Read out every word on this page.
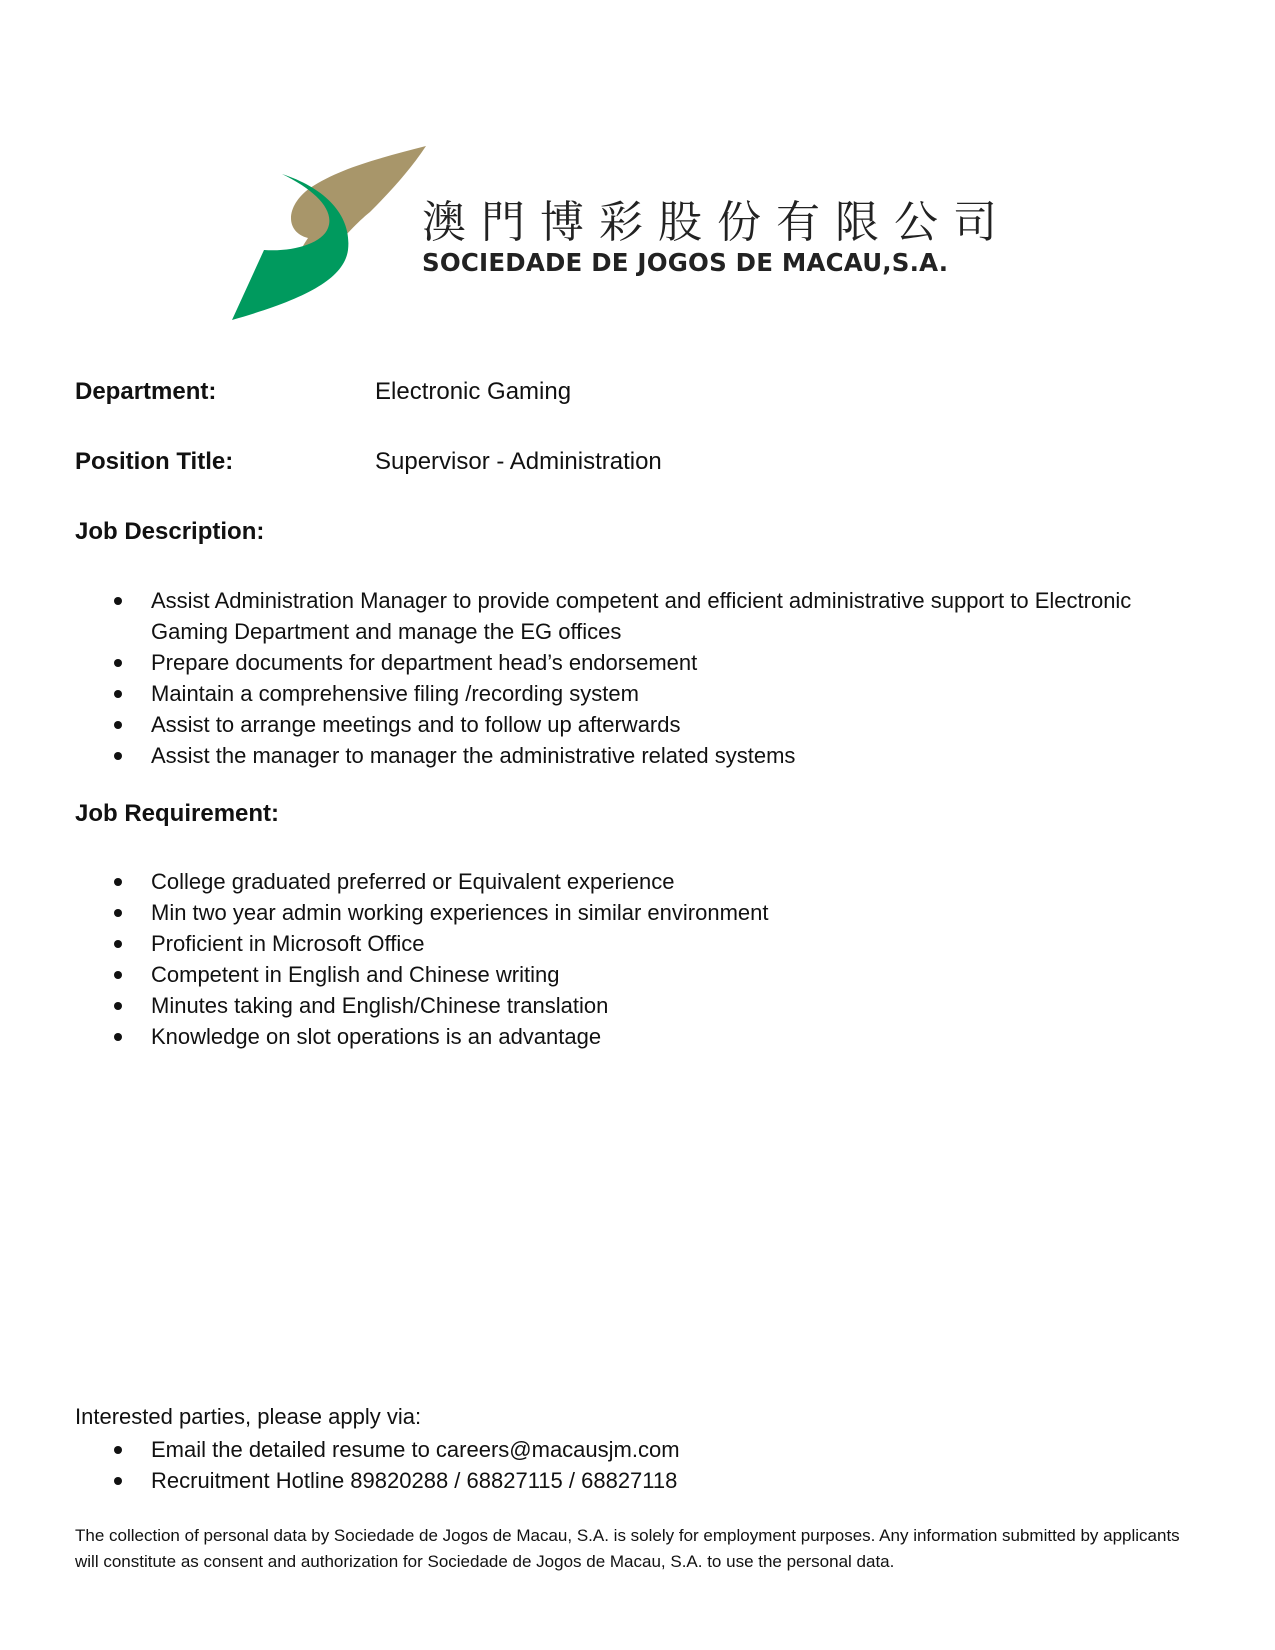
澳門博彩股份有限公司
SOCIEDADE DE JOGOS DE MACAU,S.A.
Department:	Electronic Gaming
Position Title:	Supervisor - Administration
Job Description:
Assist Administration Manager to provide competent and efficient administrative support to Electronic Gaming Department and manage the EG offices
Prepare documents for department head’s endorsement
Maintain a comprehensive filing /recording system
Assist to arrange meetings and to follow up afterwards
Assist the manager to manager the administrative related systems
Job Requirement:
College graduated preferred or Equivalent experience
Min two year admin working experiences in similar environment
Proficient in Microsoft Office
Competent in English and Chinese writing
Minutes taking and English/Chinese translation
Knowledge on slot operations is an advantage
Interested parties, please apply via:
Email the detailed resume to careers@macausjm.com
Recruitment Hotline 89820288 / 68827115 / 68827118
The collection of personal data by Sociedade de Jogos de Macau, S.A. is solely for employment purposes. Any information submitted by applicants will constitute as consent and authorization for Sociedade de Jogos de Macau, S.A. to use the personal data.
